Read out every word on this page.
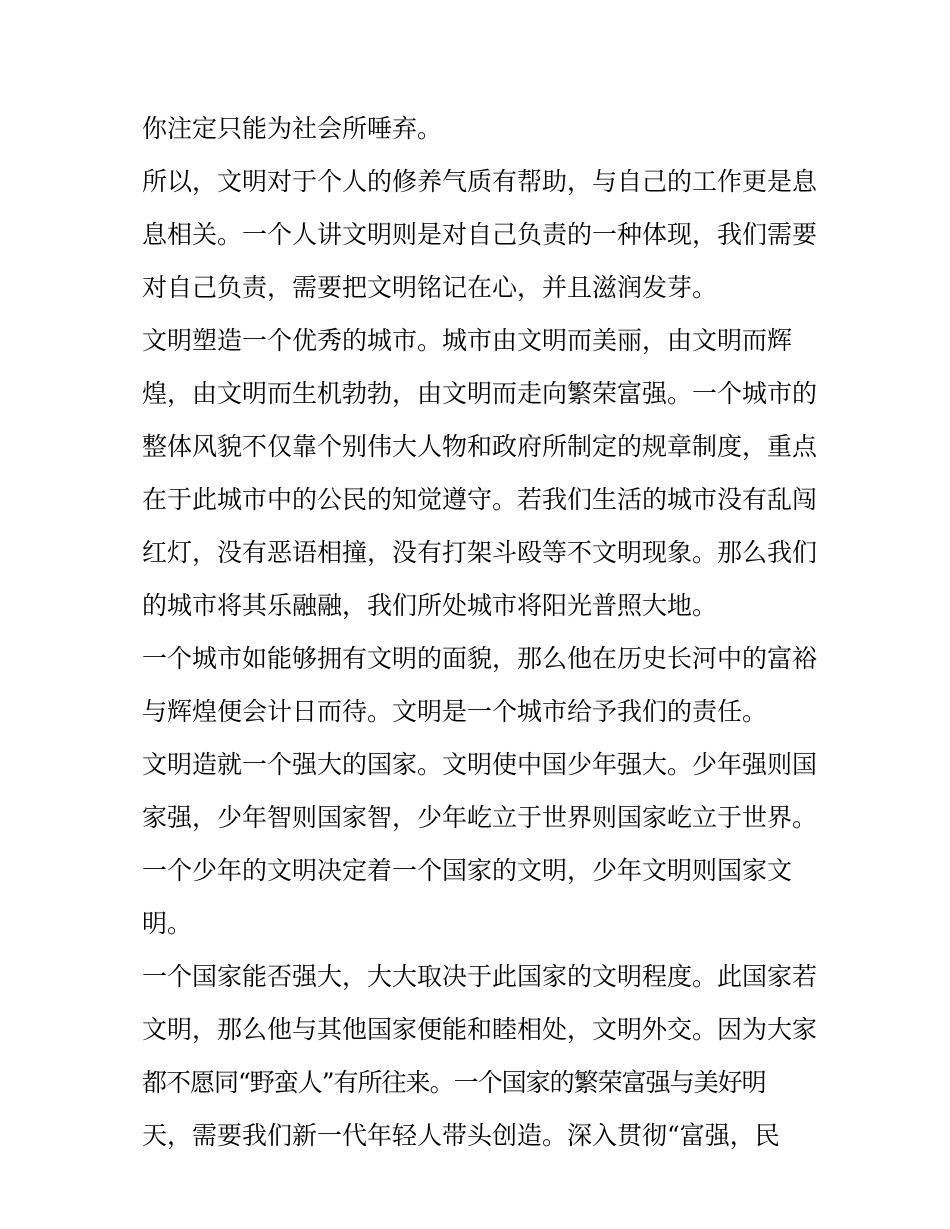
你注定只能为社会所唾弃。
所以，文明对于个人的修养气质有帮助，与自己的工作更是息
息相关。一个人讲文明则是对自己负责的一种体现，我们需要
对自己负责，需要把文明铭记在心，并且滋润发芽。
文明塑造一个优秀的城市。城市由文明而美丽，由文明而辉
煌，由文明而生机勃勃，由文明而走向繁荣富强。一个城市的
整体风貌不仅靠个别伟大人物和政府所制定的规章制度，重点
在于此城市中的公民的知觉遵守。若我们生活的城市没有乱闯
红灯，没有恶语相撞，没有打架斗殴等不文明现象。那么我们
的城市将其乐融融，我们所处城市将阳光普照大地。
一个城市如能够拥有文明的面貌，那么他在历史长河中的富裕
与辉煌便会计日而待。文明是一个城市给予我们的责任。
文明造就一个强大的国家。文明使中国少年强大。少年强则国
家强，少年智则国家智，少年屹立于世界则国家屹立于世界。
一个少年的文明决定着一个国家的文明，少年文明则国家文
明。
一个国家能否强大，大大取决于此国家的文明程度。此国家若
文明，那么他与其他国家便能和睦相处，文明外交。因为大家
都不愿同“野蛮人”有所往来。一个国家的繁荣富强与美好明
天，需要我们新一代年轻人带头创造。深入贯彻“富强，民
